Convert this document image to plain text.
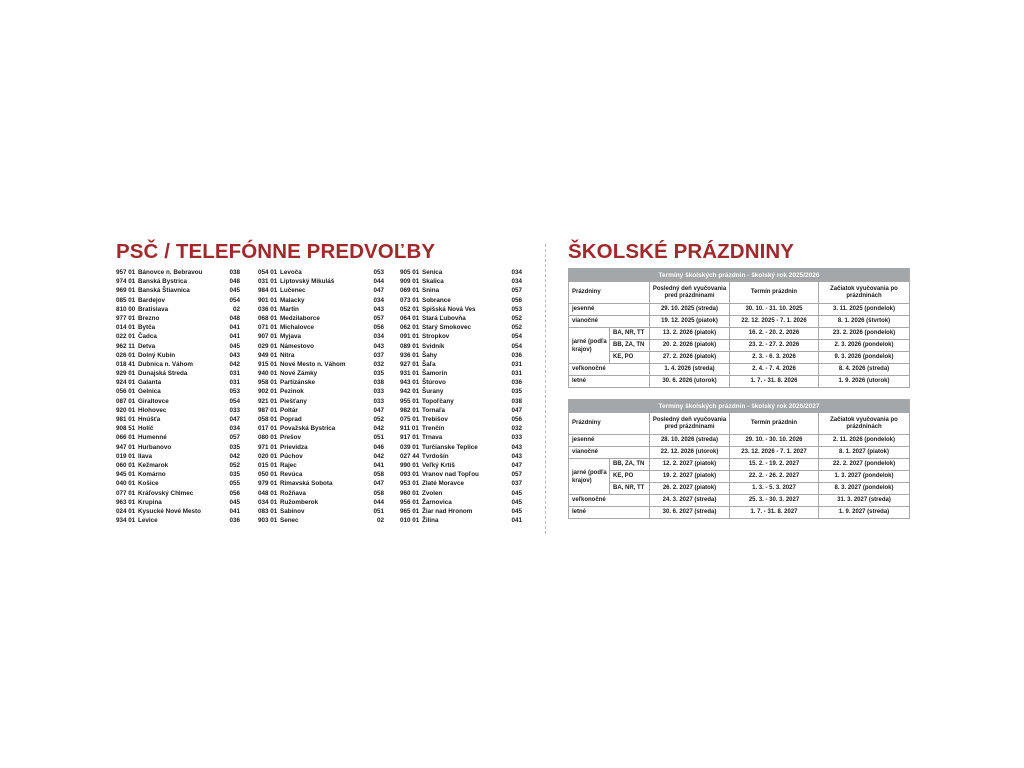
PSČ / TELEFÓNNE PREDVOĽBY	ŠKOLSKÉ PRÁZDNINY
957 01 Bánovce n. Bebravou	038
974 01 Banská Bystrica	048
969 01 Banská Štiavnica	045
085 01 Bardejov	054
810 00 Bratislava	02
977 01 Brezno	048
014 01 Bytča	041
022 01 Čadca	041
962 11 Detva	045
026 01 Dolný Kubín	043
018 41 Dubnica n. Váhom	042
929 01 Dunajská Streda	031
924 01 Galanta	031
056 01 Gelnica	053
087 01 Giraltovce	054
920 01 Hlohovec	033
981 01 Hnúšťa	047
908 51 Holíč	034
066 01 Humenné	057
947 01 Hurbanovo	035
019 01 Ilava	042
060 01 Kežmarok	052
945 01 Komárno	035
040 01 Košice	055
077 01 Kráľovský Chlmec	056
963 01 Krupina	045
024 01 Kysucké Nové Mesto	041
934 01 Levice	036
054 01 Levoča	053
031 01 Liptovský Mikuláš	044
984 01 Lučenec	047
901 01 Malacky	034
036 01 Martin	043
068 01 Medzilaborce	057
071 01 Michalovce	056
907 01 Myjava	034
029 01 Námestovo	043
949 01 Nitra	037
915 01 Nové Mesto n. Váhom	032
940 01 Nové Zámky	035
958 01 Partizánske	038
902 01 Pezinok	033
921 01 Piešťany	033
987 01 Poltár	047
058 01 Poprad	052
017 01 Považská Bystrica	042
080 01 Prešov	051
971 01 Prievidza	046
020 01 Púchov	042
015 01 Rajec	041
050 01 Revúca	058
979 01 Rimavská Sobota	047
048 01 Rožňava	058
034 01 Ružomberok	044
083 01 Sabinov	051
903 01 Senec	02
905 01 Senica	034
909 01 Skalica	034
069 01 Snina	057
073 01 Sobrance	056
052 01 Spišská Nová Ves	053
064 01 Stará Ľubovňa	052
062 01 Starý Smokovec	052
091 01 Stropkov	054
089 01 Svidník	054
936 01 Šahy	036
927 01 Šaľa	031
931 01 Šamorín	031
943 01 Štúrovo	036
942 01 Šurany	035
955 01 Topoľčany	038
982 01 Tornaľa	047
075 01 Trebišov	056
911 01 Trenčín	032
917 01 Trnava	033
039 01 Turčianske Teplice	043
027 44 Tvrdošín	043
990 01 Veľký Krtíš	047
093 01 Vranov nad Topľou	057
953 01 Zlaté Moravce	037
960 01 Zvolen	045
956 01 Žarnovica	045
965 01 Žiar nad Hronom	045
010 01 Žilina	041
Termíny školských prázdnin - školský rok 2025/2026				
Prázdniny		Posledný deň vyučovania pred prázdninami	Termín prázdnin	Začiatok vyučovania po prázdninách
jesenné		29. 10. 2025 (streda)	30. 10. - 31. 10. 2025	3. 11. 2025 (pondelok)
vianočné		19. 12. 2025 (piatok)	22. 12. 2025 - 7. 1. 2026	8. 1. 2026 (štvrtok)
jarné (podľa krajov)	BA, NR, TT	13. 2. 2026 (piatok)	16. 2. - 20. 2. 2026	23. 2. 2026 (pondelok)
	BB, ZA, TN	20. 2. 2026 (piatok)	23. 2. - 27. 2. 2026	2. 3. 2026 (pondelok)
	KE, PO	27. 2. 2026 (piatok)	2. 3. - 6. 3. 2026	9. 3. 2026 (pondelok)
veľkonočné		1. 4. 2026 (streda)	2. 4. - 7. 4. 2026	8. 4. 2026 (streda)
letné		30. 6. 2026 (utorok)	1. 7. - 31. 8. 2026	1. 9. 2026 (utorok)
Termíny školských prázdnin - školský rok 2026/2027				
Prázdniny		Posledný deň vyučovania pred prázdninami	Termín prázdnin	Začiatok vyučovania po prázdninách
jesenné		28. 10. 2026 (streda)	29. 10. - 30. 10. 2026	2. 11. 2026 (pondelok)
vianočné		22. 12. 2026 (utorok)	23. 12. 2026 - 7. 1. 2027	8. 1. 2027 (piatok)
jarné (podľa krajov)	BB, ZA, TN	12. 2. 2027 (piatok)	15. 2. - 19. 2. 2027	22. 2. 2027 (pondelok)
	KE, PO	19. 2. 2027 (piatok)	22. 2. - 26. 2. 2027	1. 3. 2027 (pondelok)
	BA, NR, TT	26. 2. 2027 (piatok)	1. 3. - 5. 3. 2027	8. 3. 2027 (pondelok)
veľkonočné		24. 3. 2027 (streda)	25. 3. - 30. 3. 2027	31. 3. 2027 (streda)
letné		30. 6. 2027 (streda)	1. 7. - 31. 8. 2027	1. 9. 2027 (streda)
